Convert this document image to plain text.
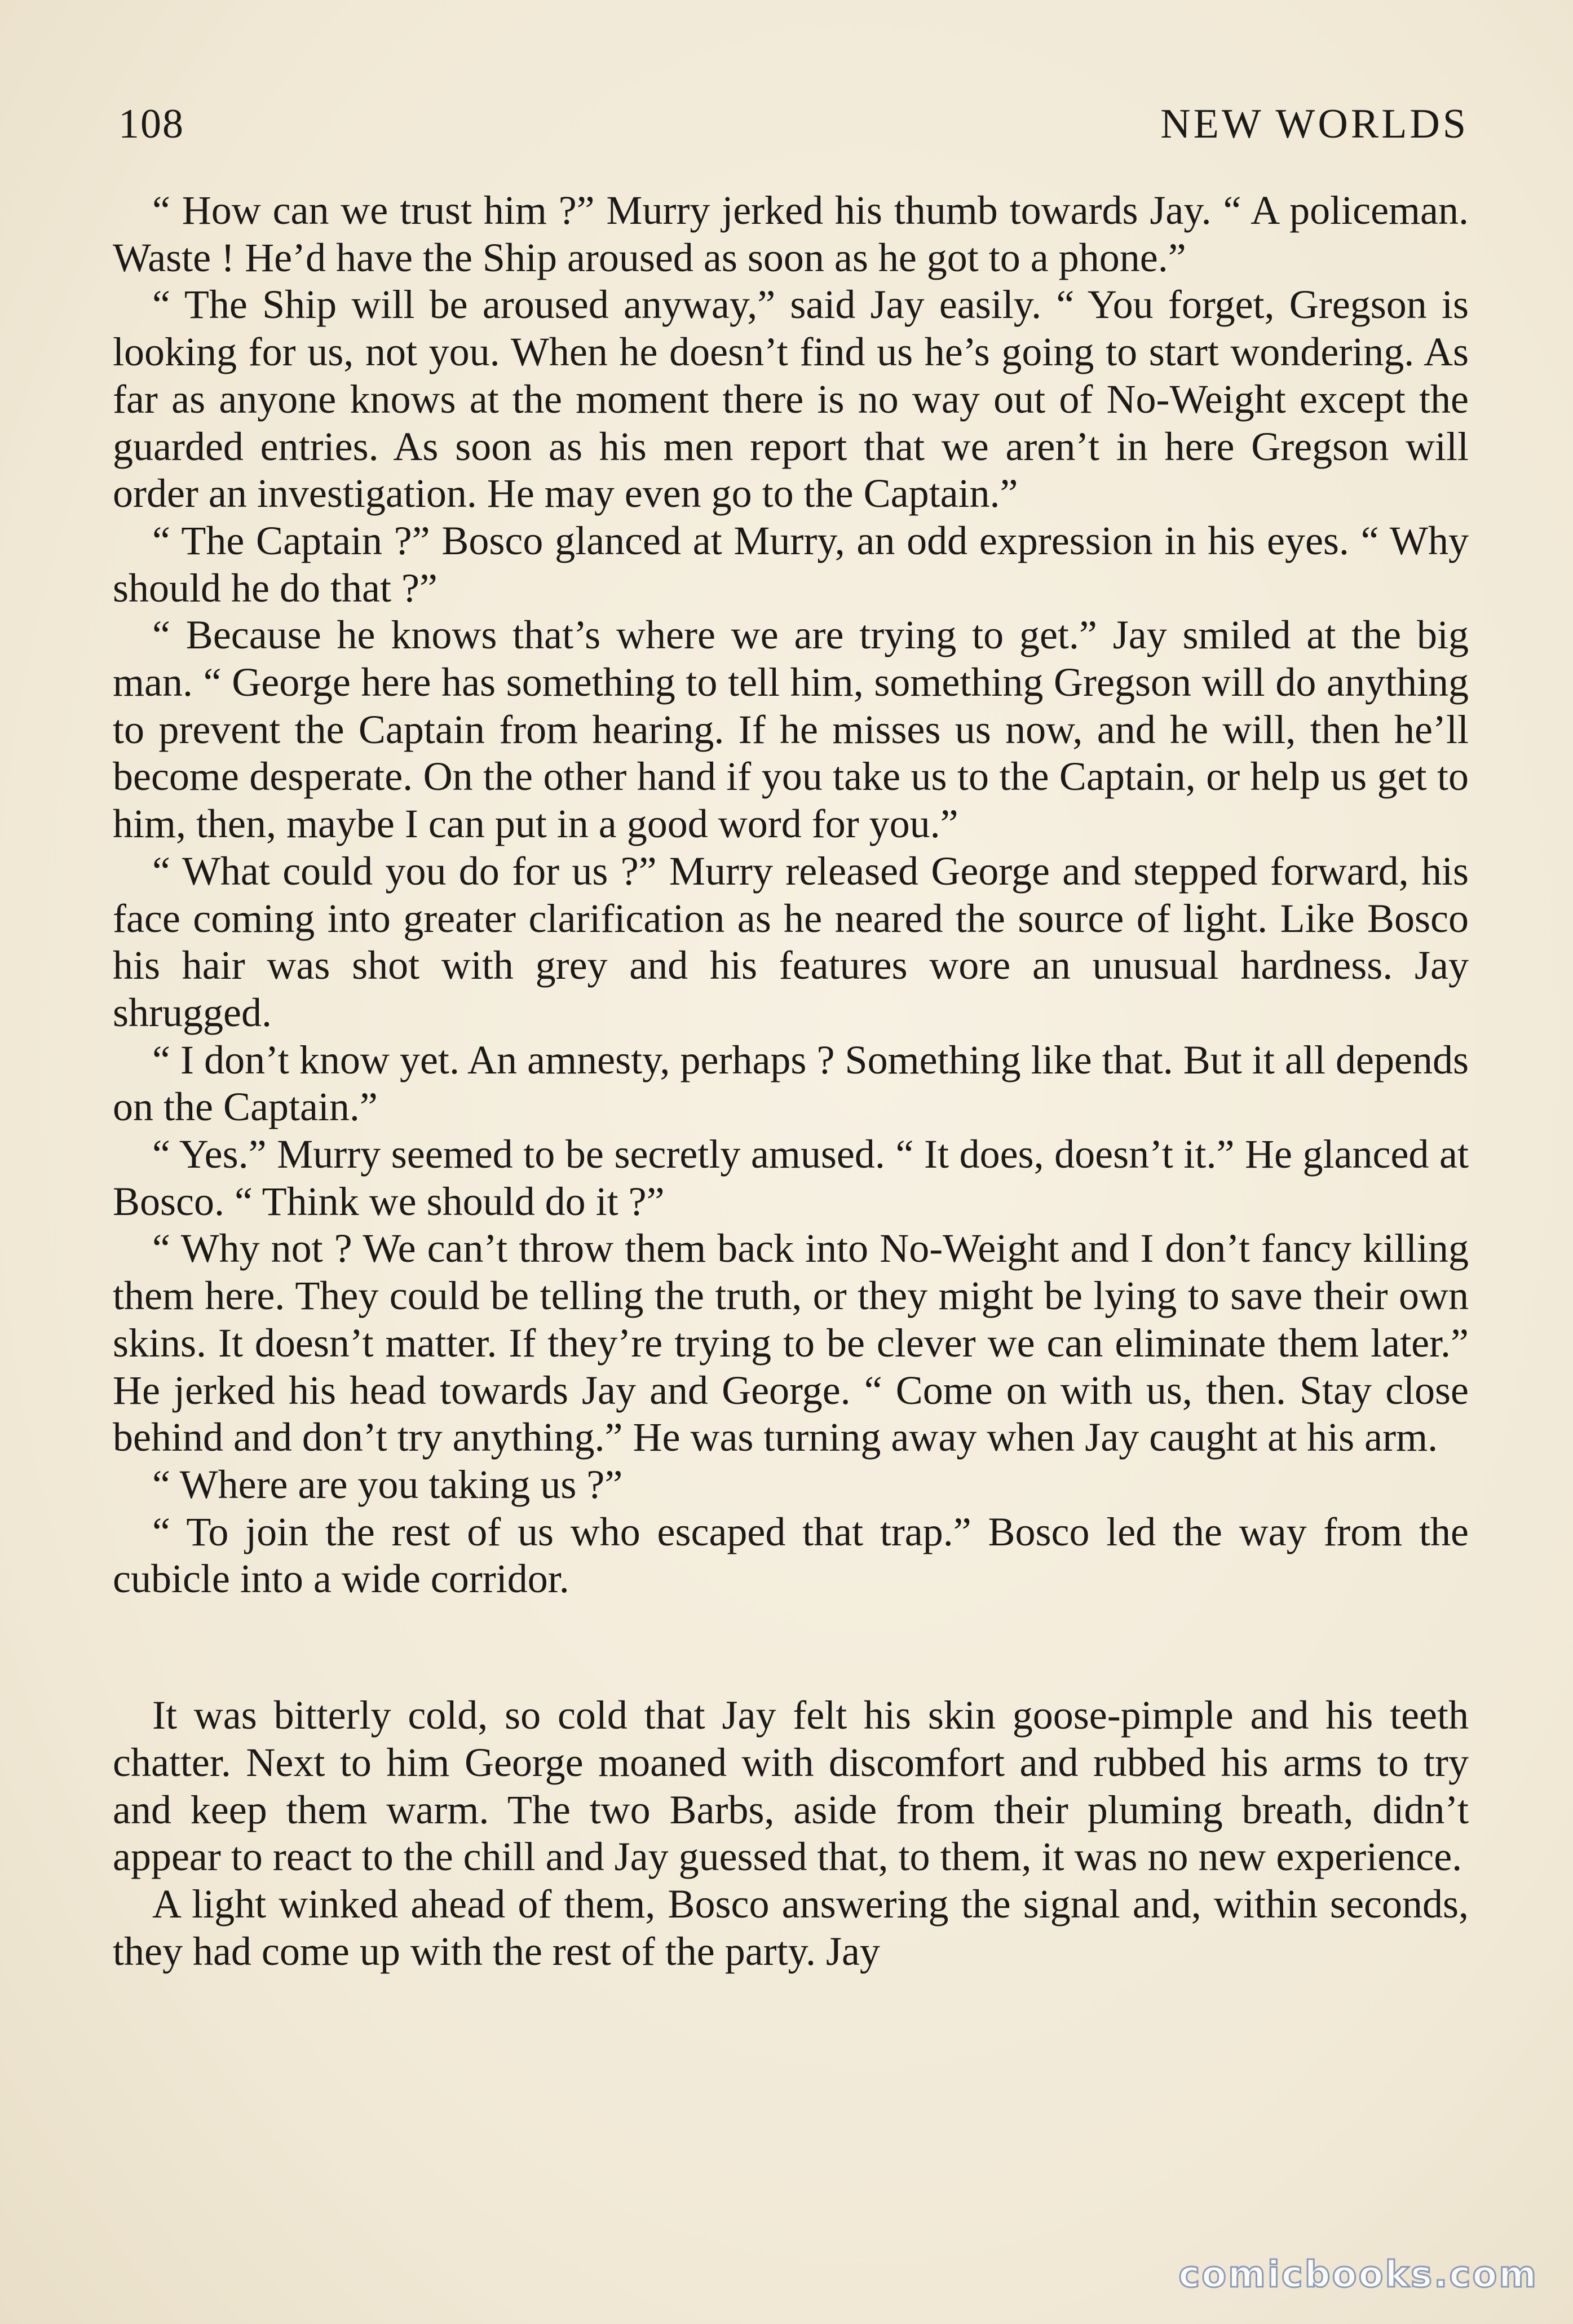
108	NEW WORLDS

“ How can we trust him ?” Murry jerked his thumb towards Jay. “ A policeman. Waste ! He’d have the Ship aroused as soon as he got to a phone.”

“ The Ship will be aroused anyway,” said Jay easily. “ You forget, Gregson is looking for us, not you. When he doesn’t find us he’s going to start wondering. As far as anyone knows at the moment there is no way out of No-Weight except the guarded entries. As soon as his men report that we aren’t in here Gregson will order an investigation. He may even go to the Captain.”

“ The Captain ?” Bosco glanced at Murry, an odd expression in his eyes. “ Why should he do that ?”

“ Because he knows that’s where we are trying to get.” Jay smiled at the big man. “ George here has something to tell him, something Gregson will do anything to prevent the Captain from hearing. If he misses us now, and he will, then he’ll become desperate. On the other hand if you take us to the Captain, or help us get to him, then, maybe I can put in a good word for you.”

“ What could you do for us ?” Murry released George and stepped forward, his face coming into greater clarification as he neared the source of light. Like Bosco his hair was shot with grey and his features wore an unusual hardness. Jay shrugged.

“ I don’t know yet. An amnesty, perhaps ? Something like that. But it all depends on the Captain.”

“ Yes.” Murry seemed to be secretly amused. “ It does, doesn’t it.” He glanced at Bosco. “ Think we should do it ?”

“ Why not ? We can’t throw them back into No-Weight and I don’t fancy killing them here. They could be telling the truth, or they might be lying to save their own skins. It doesn’t matter. If they’re trying to be clever we can eliminate them later.” He jerked his head towards Jay and George. “ Come on with us, then. Stay close behind and don’t try anything.” He was turning away when Jay caught at his arm.

“ Where are you taking us ?”

“ To join the rest of us who escaped that trap.” Bosco led the way from the cubicle into a wide corridor.

It was bitterly cold, so cold that Jay felt his skin goose-pimple and his teeth chatter. Next to him George moaned with discomfort and rubbed his arms to try and keep them warm. The two Barbs, aside from their pluming breath, didn’t appear to react to the chill and Jay guessed that, to them, it was no new experience.

A light winked ahead of them, Bosco answering the signal and, within seconds, they had come up with the rest of the party. Jay

comicbooks.com
